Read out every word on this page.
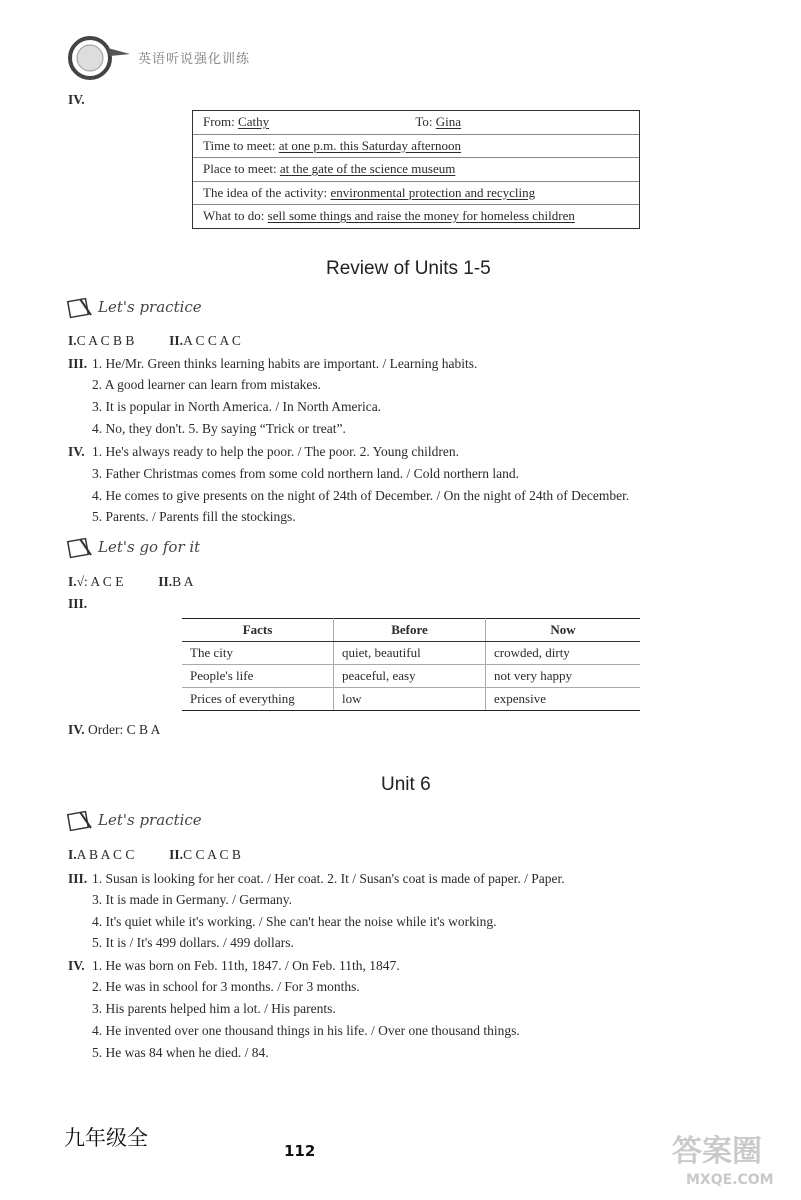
英语听说强化训练
IV.
From: Cathy	To: Gina
Time to meet: at one p.m. this Saturday afternoon
Place to meet: at the gate of the science museum
The idea of the activity: environmental protection and recycling
What to do: sell some things and raise the money for homeless children
Review of Units 1-5
Let's practice
I.C A C B B	II.A C C A C
III. 1. He/Mr. Green thinks learning habits are important. / Learning habits.
2. A good learner can learn from mistakes.
3. It is popular in North America. / In North America.
4. No, they don't. 5. By saying “Trick or treat”.
IV. 1. He's always ready to help the poor. / The poor. 2. Young children.
3. Father Christmas comes from some cold northern land. / Cold northern land.
4. He comes to give presents on the night of 24th of December. / On the night of 24th of December.
5. Parents. / Parents fill the stockings.
Let's go for it
I.√: A C E	II.B A
III.
Facts	Before	Now
The city	quiet, beautiful	crowded, dirty
People's life	peaceful, easy	not very happy
Prices of everything	low	expensive
IV. Order: C B A
Unit 6
Let's practice
I.A B A C C	II.C C A C B
III. 1. Susan is looking for her coat. / Her coat. 2. It / Susan's coat is made of paper. / Paper.
3. It is made in Germany. / Germany.
4. It's quiet while it's working. / She can't hear the noise while it's working.
5. It is / It's 499 dollars. / 499 dollars.
IV. 1. He was born on Feb. 11th, 1847. / On Feb. 11th, 1847.
2. He was in school for 3 months. / For 3 months.
3. His parents helped him a lot. / His parents.
4. He invented over one thousand things in his life. / Over one thousand things.
5. He was 84 when he died. / 84.
九年级全
112	答案圈
MXQE.COM
